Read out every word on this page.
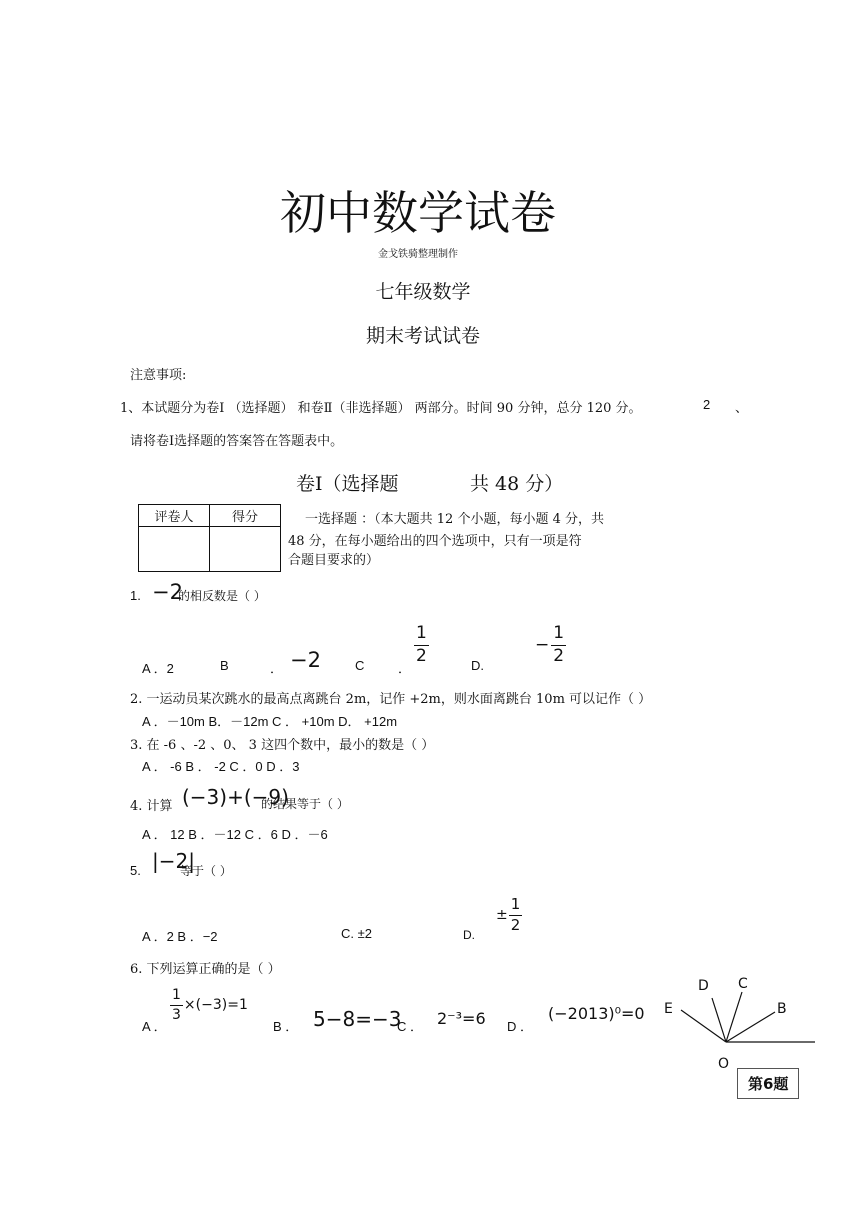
初中数学试卷
金戈铁骑整理制作
七年级数学
期末考试试卷
注意事项:
1、本试题分为卷Ⅰ （选择题） 和卷Ⅱ（非选择题） 两部分。时间 90 分钟，总分 120 分。	2 、
请将卷Ⅰ选择题的答案答在答题表中。
卷Ⅰ（选择题	共 48 分）
评卷人	得分
		一选择题 ：（本大题共 12 个小题，每小题 4 分，共
48 分，在每小题给出的四个选项中，只有一项是符
合题目要求的）
1. −2
的相反数是（ ）
A ．2	B	． −2	C	．
$\frac{1}{2}$	D.
− $\frac{1}{2}$
2. 一运动员某次跳水的最高点离跳台 2m，记作 +2m，则水面离跳台 10m 可以记作（ ）
A ．－10m B．－12m C ． +10m D． +12m
3. 在 -6 、-2 、0、 3 这四个数中，最小的数是（ ）
A ． -6 B ． -2 C ．0 D ．3
4. 计算 (−3)+(−9)
的结果等于（ ）
A ． 12 B ．－12 C ．6 D ．－6
5. |−2|
等于（ ）
A ．2 B ．−2	C. ±2	D.
± $\frac{1}{2}$
6. 下列运算正确的是（ ）
A ．
$\frac{1}{3} \times(-3)=1$
B ． 5−8=−3
C ． 2⁻³=6 D ．
(−2013)⁰=0
D C
E	B
O
第6题
